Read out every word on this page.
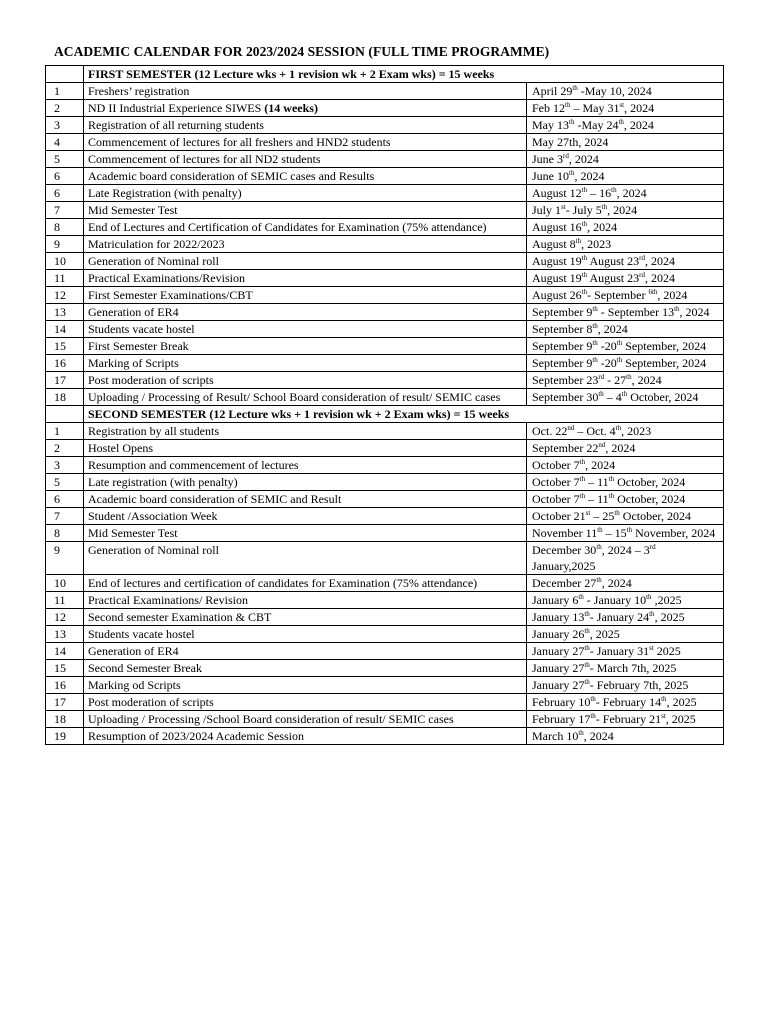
ACADEMIC CALENDAR FOR 2023/2024 SESSION (FULL TIME PROGRAMME)
	FIRST SEMESTER (12 Lecture wks + 1 revision wk + 2 Exam wks) = 15 weeks	
1	Freshers’ registration	April 29th -May 10, 2024
2	ND II Industrial Experience SIWES (14 weeks)	Feb 12th – May 31st, 2024
3	Registration of all returning students	May 13th -May 24th, 2024
4	Commencement of lectures for all freshers and HND2 students	May 27th, 2024
5	Commencement of lectures for all ND2 students	June 3rd, 2024
6	Academic board consideration of SEMIC cases and Results	June 10th, 2024
6	Late Registration (with penalty)	August 12th – 16th, 2024
7	Mid Semester Test	July 1st- July 5th, 2024
8	End of Lectures and Certification of Candidates for Examination (75% attendance)	August 16th, 2024
9	Matriculation for 2022/2023	August 8th, 2023
10	Generation of Nominal roll	August 19th August 23rd, 2024
11	Practical Examinations/Revision	August 19th August 23rd, 2024
12	First Semester Examinations/CBT	August 26th- September $^{6th}$, 2024
13	Generation of ER4	September 9th - September 13th, 2024
14	Students vacate hostel	September 8th, 2024
15	First Semester Break	September 9th -20th September, 2024
16	Marking of Scripts	September 9th -20th September, 2024
17	Post moderation of scripts	September 23rd - 27th, 2024
18	Uploading / Processing of Result/ School Board consideration of result/ SEMIC cases	September 30th – 4th October, 2024
	SECOND SEMESTER (12 Lecture wks + 1 revision wk + 2 Exam wks) = 15 weeks	
1	Registration by all students	Oct. 22nd – Oct. 4th, 2023
2	Hostel Opens	September 22nd, 2024
3	Resumption and commencement of lectures	October 7th, 2024
5	Late registration (with penalty)	October 7th – 11th October, 2024
6	Academic board consideration of SEMIC and Result	October 7th – 11th October, 2024
7	Student /Association Week	October 21st – 25th October, 2024
8	Mid Semester Test	November 11th – 15th November, 2024
9	Generation of Nominal roll	December 30th, 2024 – 3rd January,2025
10	End of lectures and certification of candidates for Examination (75% attendance)	December 27th, 2024
11	Practical Examinations/ Revision	January 6th - January 10th ,2025
12	Second semester Examination & CBT	January 13th- January 24th, 2025
13	Students vacate hostel	January 26th, 2025
14	Generation of ER4	January 27th- January 31st 2025
15	Second Semester Break	January 27th- March 7th, 2025
16	Marking od Scripts	January 27th- February 7th, 2025
17	Post moderation of scripts	February 10th- February 14th, 2025
18	Uploading / Processing /School Board consideration of result/ SEMIC cases	February 17th- February 21st, 2025
19	Resumption of 2023/2024 Academic Session	March 10th, 2024
